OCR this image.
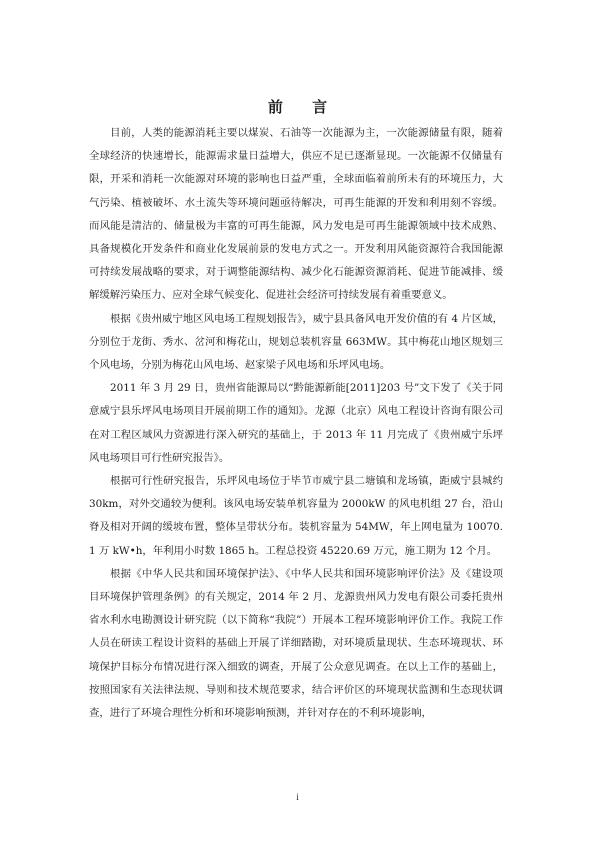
前 言

目前，人类的能源消耗主要以煤炭、石油等一次能源为主，一次能源储量有限，随着全球经济的快速增长，能源需求量日益增大，供应不足已逐渐显现。一次能源不仅储量有限，开采和消耗一次能源对环境的影响也日益严重，全球面临着前所未有的环境压力，大气污染、植被破坏、水土流失等环境问题亟待解决，可再生能源的开发和利用刻不容缓。而风能是清洁的、储量极为丰富的可再生能源，风力发电是可再生能源领域中技术成熟、具备规模化开发条件和商业化发展前景的发电方式之一。开发利用风能资源符合我国能源可持续发展战略的要求，对于调整能源结构、减少化石能源资源消耗、促进节能减排、缓解缓解污染压力、应对全球气候变化、促进社会经济可持续发展有着重要意义。

根据《贵州威宁地区风电场工程规划报告》，威宁县具备风电开发价值的有 4 片区域，分别位于龙街、秀水、岔河和梅花山，规划总装机容量 663MW。其中梅花山地区规划三个风电场，分别为梅花山风电场、赵家梁子风电场和乐坪风电场。

2011 年 3 月 29 日，贵州省能源局以“黔能源新能[2011]203 号”文下发了《关于同意威宁县乐坪风电场项目开展前期工作的通知》。龙源（北京）风电工程设计咨询有限公司在对工程区域风力资源进行深入研究的基础上，于 2013 年 11 月完成了《贵州威宁乐坪风电场项目可行性研究报告》。

根据可行性研究报告，乐坪风电场位于毕节市威宁县二塘镇和龙场镇，距威宁县城约 30km，对外交通较为便利。该风电场安装单机容量为 2000kW 的风电机组 27 台，沿山脊及相对开阔的缓坡布置，整体呈带状分布。装机容量为 54MW，年上网电量为 10070.1 万 kW•h，年利用小时数 1865 h。工程总投资 45220.69 万元，施工期为 12 个月。

根据《中华人民共和国环境保护法》、《中华人民共和国环境影响评价法》及《建设项目环境保护管理条例》的有关规定，2014 年 2 月、龙源贵州风力发电有限公司委托贵州省水利水电勘测设计研究院（以下简称“我院”）开展本工程环境影响评价工作。我院工作人员在研读工程设计资料的基础上开展了详细踏勘，对环境质量现状、生态环境现状、环境保护目标分布情况进行深入细致的调查，开展了公众意见调查。在以上工作的基础上，按照国家有关法律法规、导则和技术规范要求，结合评价区的环境现状监测和生态现状调查，进行了环境合理性分析和环境影响预测，并针对存在的不利环境影响，

i
